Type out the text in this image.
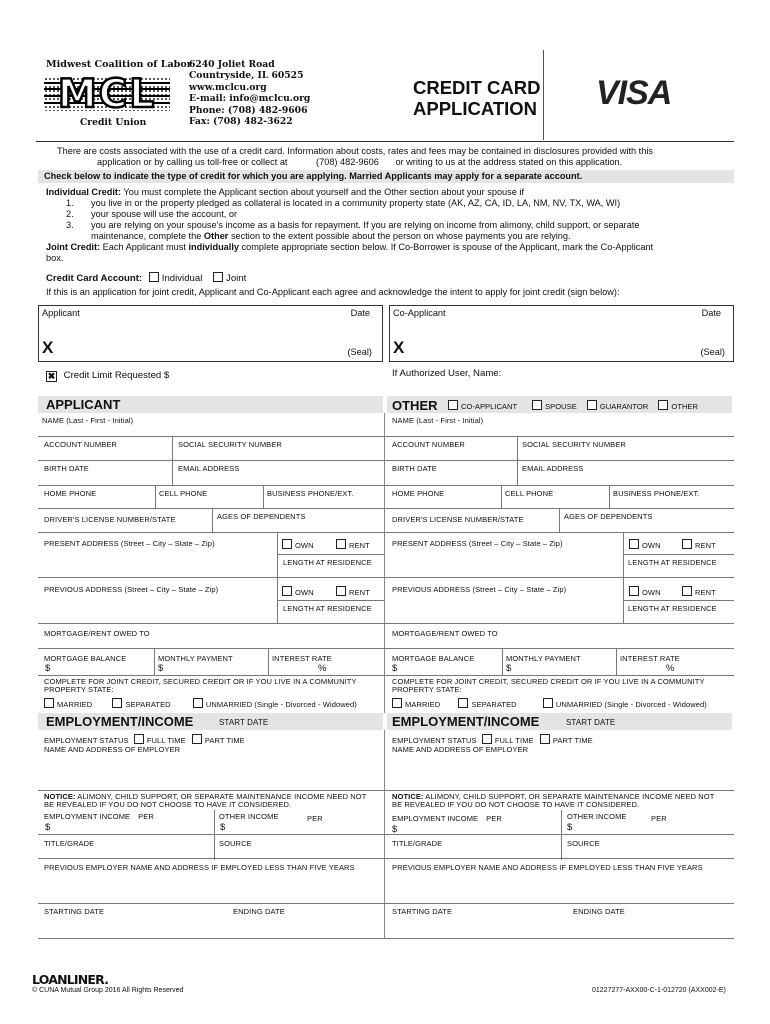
Midwest Coalition of Labor
MCL
Credit Union
6240 Joliet Road
Countryside, IL 60525
www.mclcu.org
E-mail: info@mclcu.org
Phone: (708) 482-9606
Fax: (708) 482-3622
CREDIT CARD
APPLICATION VISA
There are costs associated with the use of a credit card. Information about costs, rates and fees may be contained in disclosures provided with this
application or by calling us toll-free or collect at	(708) 482-9606 or writing to us at the address stated on this application.
Check below to indicate the type of credit for which you are applying. Married Applicants may apply for a separate account.
Individual Credit: You must complete the Applicant section about yourself and the Other section about your spouse if
1. you live in or the property pledged as collateral is located in a community property state (AK, AZ, CA, ID, LA, NM, NV, TX, WA, WI)
2. your spouse will use the account, or
3. you are relying on your spouse's income as a basis for repayment. If you are relying on income from alimony, child support, or separate
maintenance, complete the Other section to the extent possible about the person on whose payments you are relying.
Joint Credit: Each Applicant must individually complete appropriate section below. If Co-Borrower is spouse of the Applicant, mark the Co-Applicant
box.
Credit Card Account: Individual Joint
If this is an application for joint credit, Applicant and Co-Applicant each agree and acknowledge the intent to apply for joint credit (sign below):
Applicant	Date
X	(Seal)
Co-Applicant	Date
X	(Seal)
✖ Credit Limit Requested $	If Authorized User, Name:
APPLICANT	OTHER	CO-APPLICANT	SPOUSE	GUARANTOR	OTHER
NAME (Last - First - Initial)
ACCOUNT NUMBER	SOCIAL SECURITY NUMBER
BIRTH DATE	EMAIL ADDRESS
HOME PHONE	CELL PHONE	BUSINESS PHONE/EXT.
DRIVER'S LICENSE NUMBER/STATE	AGES OF DEPENDENTS
PRESENT ADDRESS (Street – City – State – Zip)	OWN	RENT
LENGTH AT RESIDENCE
PREVIOUS ADDRESS (Street – City – State – Zip)	OWN	RENT
LENGTH AT RESIDENCE
MORTGAGE/RENT OWED TO
MORTGAGE BALANCE
$
MONTHLY PAYMENT
$
INTEREST RATE
%
COMPLETE FOR JOINT CREDIT, SECURED CREDIT OR IF YOU LIVE IN A COMMUNITY
PROPERTY STATE:
MARRIED	SEPARATED	UNMARRIED (Single - Divorced - Widowed)
NAME (Last - First - Initial)
ACCOUNT NUMBER	SOCIAL SECURITY NUMBER
BIRTH DATE	EMAIL ADDRESS
HOME PHONE	CELL PHONE	BUSINESS PHONE/EXT.
DRIVER'S LICENSE NUMBER/STATE	AGES OF DEPENDENTS
PRESENT ADDRESS (Street – City – State – Zip)	OWN	RENT
LENGTH AT RESIDENCE
PREVIOUS ADDRESS (Street – City – State – Zip)	OWN	RENT
LENGTH AT RESIDENCE
MORTGAGE/RENT OWED TO
MORTGAGE BALANCE
$
MONTHLY PAYMENT
$
INTEREST RATE
%
COMPLETE FOR JOINT CREDIT, SECURED CREDIT OR IF YOU LIVE IN A COMMUNITY
PROPERTY STATE:
MARRIED	SEPARATED	UNMARRIED (Single - Divorced - Widowed)
EMPLOYMENT/INCOME	START DATE	EMPLOYMENT/INCOME	START DATE
EMPLOYMENT STATUS FULL TIME	PART TIME
NAME AND ADDRESS OF EMPLOYER
NOTICE: ALIMONY, CHILD SUPPORT, OR SEPARATE MAINTENANCE INCOME NEED NOT
BE REVEALED IF YOU DO NOT CHOOSE TO HAVE IT CONSIDERED.
EMPLOYMENT INCOME PER
$
OTHER INCOME	PER
$
TITLE/GRADE	SOURCE
PREVIOUS EMPLOYER NAME AND ADDRESS IF EMPLOYED LESS THAN FIVE YEARS
STARTING DATE	ENDING DATE
EMPLOYMENT STATUS FULL TIME	PART TIME
NAME AND ADDRESS OF EMPLOYER
NOTICE: ALIMONY, CHILD SUPPORT, OR SEPARATE MAINTENANCE INCOME NEED NOT
BE REVEALED IF YOU DO NOT CHOOSE TO HAVE IT CONSIDERED.
EMPLOYMENT INCOME PER
$
OTHER INCOME	PER
$
TITLE/GRADE	SOURCE
PREVIOUS EMPLOYER NAME AND ADDRESS IF EMPLOYED LESS THAN FIVE YEARS
STARTING DATE	ENDING DATE
LOANLINER.
© CUNA Mutual Group 2016 All Rights Reserved	01227277-AXX00-C-1-012720 (AXX002-E)
